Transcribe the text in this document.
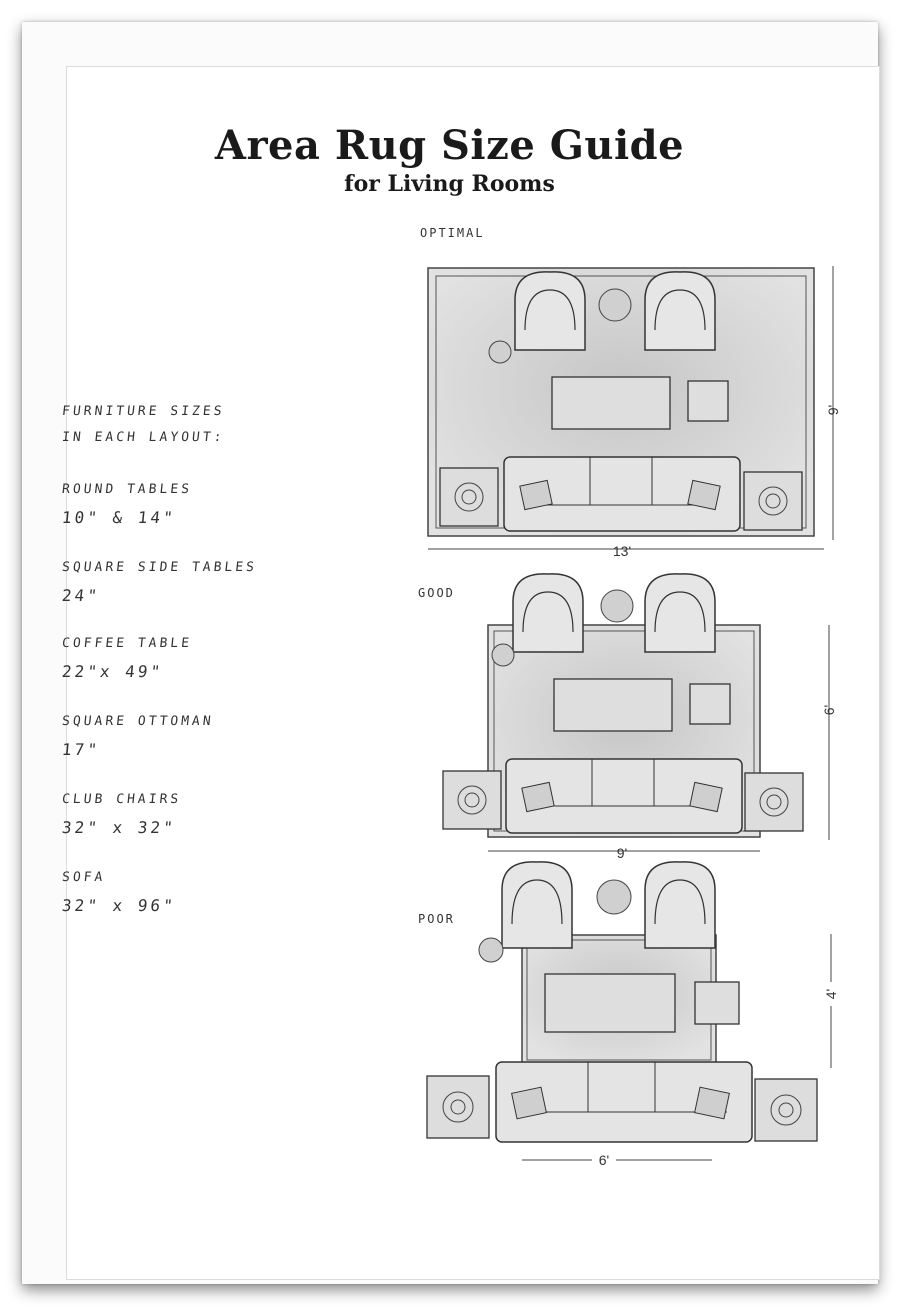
Area Rug Size Guide
for Living Rooms
FURNITURE SIZES
IN EACH LAYOUT:
ROUND TABLES
10" & 14"
SQUARE SIDE TABLES
24"
COFFEE TABLE
22"x 49"
SQUARE OTTOMAN
17"
CLUB CHAIRS
32" x 32"
SOFA
32" x 96"
OPTIMAL
GOOD
POOR
13'
9'
9'
6'
6'
4'
